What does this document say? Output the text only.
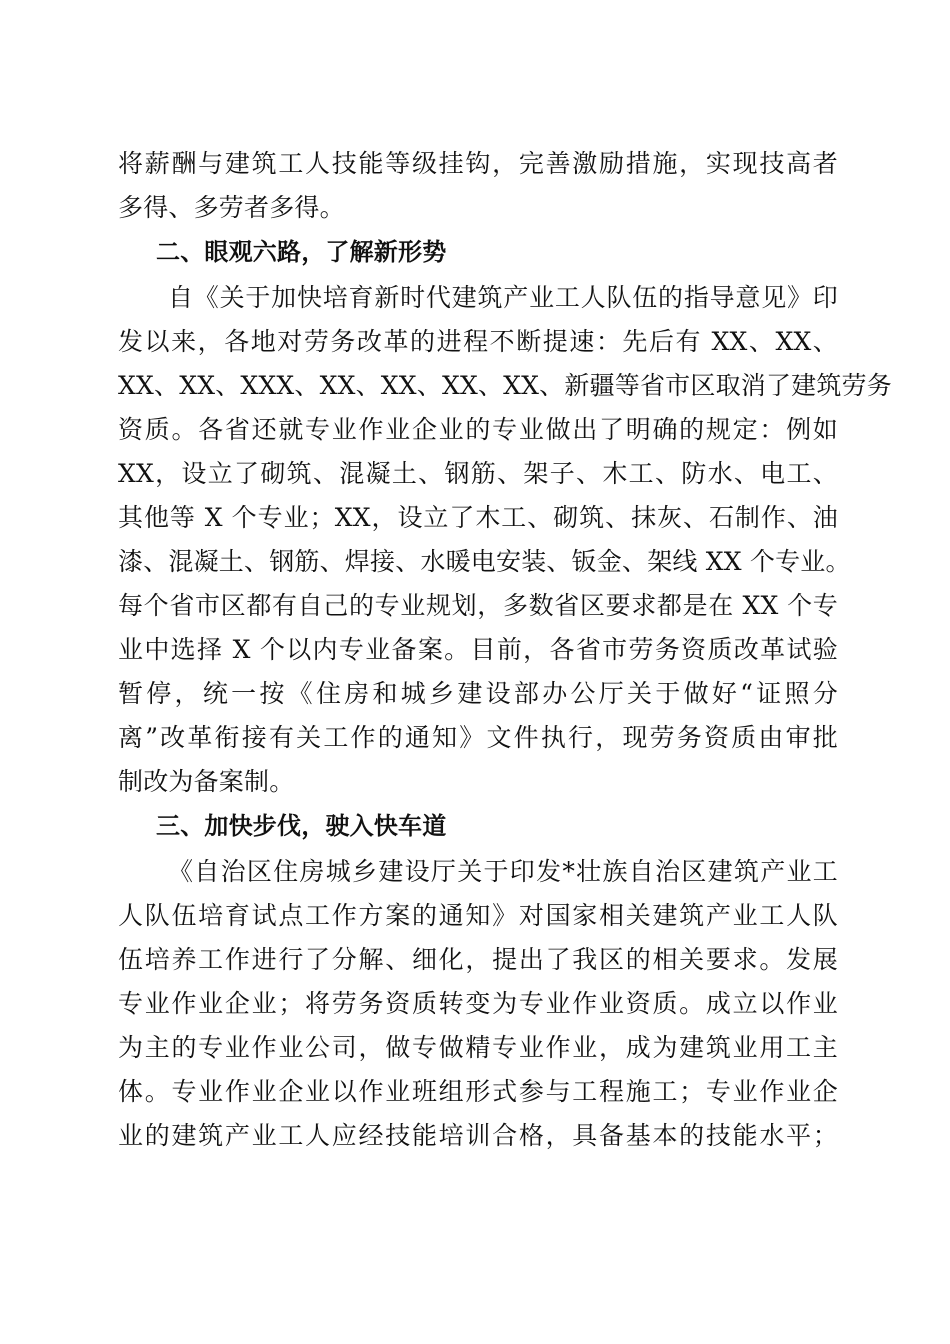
将薪酬与建筑工人技能等级挂钩，完善激励措施，实现技高者
多得、多劳者多得。
二、眼观六路，了解新形势
自《关于加快培育新时代建筑产业工人队伍的指导意见》印
发以来，各地对劳务改革的进程不断提速：先后有 XX、XX、
XX、XX、XXX、XX、XX、XX、XX、新疆等省市区取消了建筑劳务
资质。各省还就专业作业企业的专业做出了明确的规定：例如
XX，设立了砌筑、混凝土、钢筋、架子、木工、防水、电工、
其他等 X 个专业；XX，设立了木工、砌筑、抹灰、石制作、油
漆、混凝土、钢筋、焊接、水暖电安装、钣金、架线 XX 个专业。
每个省市区都有自己的专业规划，多数省区要求都是在 XX 个专
业中选择 X 个以内专业备案。目前，各省市劳务资质改革试验
暂停，统一按《住房和城乡建设部办公厅关于做好“证照分
离”改革衔接有关工作的通知》文件执行，现劳务资质由审批
制改为备案制。
三、加快步伐，驶入快车道
《自治区住房城乡建设厅关于印发*壮族自治区建筑产业工
人队伍培育试点工作方案的通知》对国家相关建筑产业工人队
伍培养工作进行了分解、细化，提出了我区的相关要求。发展
专业作业企业；将劳务资质转变为专业作业资质。成立以作业
为主的专业作业公司，做专做精专业作业，成为建筑业用工主
体。专业作业企业以作业班组形式参与工程施工；专业作业企
业的建筑产业工人应经技能培训合格，具备基本的技能水平；
